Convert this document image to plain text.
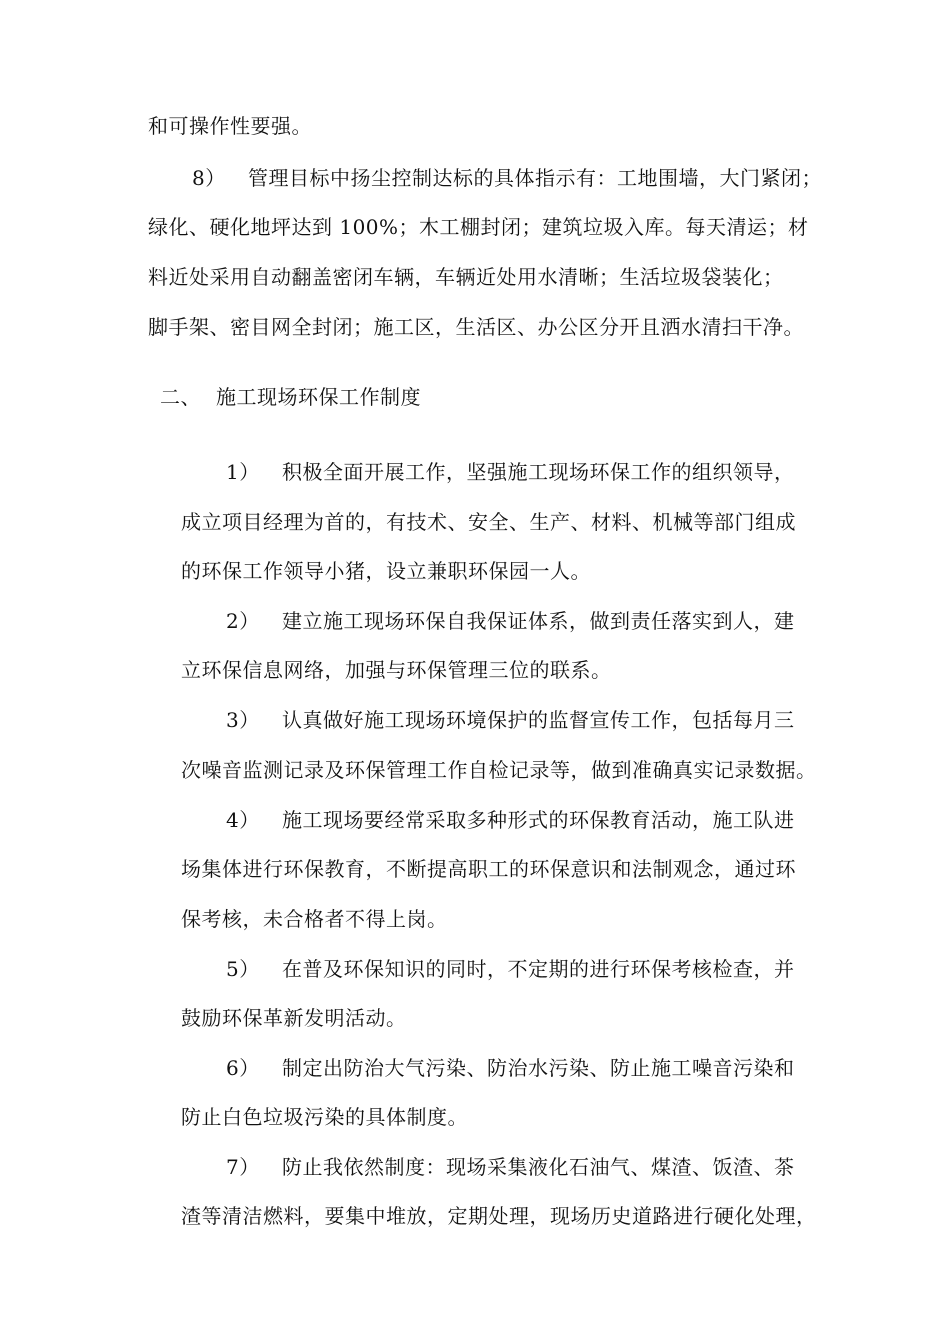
和可操作性要强。
8） 管理目标中扬尘控制达标的具体指示有：工地围墙，大门紧闭；
绿化、硬化地坪达到 100%；木工棚封闭；建筑垃圾入库。每天清运；材
料近处采用自动翻盖密闭车辆，车辆近处用水清晰；生活垃圾袋装化；
脚手架、密目网全封闭；施工区，生活区、办公区分开且洒水清扫干净。
二、 施工现场环保工作制度
1） 积极全面开展工作，坚强施工现场环保工作的组织领导，
成立项目经理为首的，有技术、安全、生产、材料、机械等部门组成
的环保工作领导小猪，设立兼职环保园一人。
2） 建立施工现场环保自我保证体系，做到责任落实到人，建
立环保信息网络，加强与环保管理三位的联系。
3） 认真做好施工现场环境保护的监督宣传工作，包括每月三
次噪音监测记录及环保管理工作自检记录等，做到准确真实记录数据。
4） 施工现场要经常采取多种形式的环保教育活动，施工队进
场集体进行环保教育，不断提高职工的环保意识和法制观念，通过环
保考核，未合格者不得上岗。
5） 在普及环保知识的同时，不定期的进行环保考核检查，并
鼓励环保革新发明活动。
6） 制定出防治大气污染、防治水污染、防止施工噪音污染和
防止白色垃圾污染的具体制度。
7） 防止我依然制度：现场采集液化石油气、煤渣、饭渣、茶
渣等清洁燃料，要集中堆放，定期处理，现场历史道路进行硬化处理，
